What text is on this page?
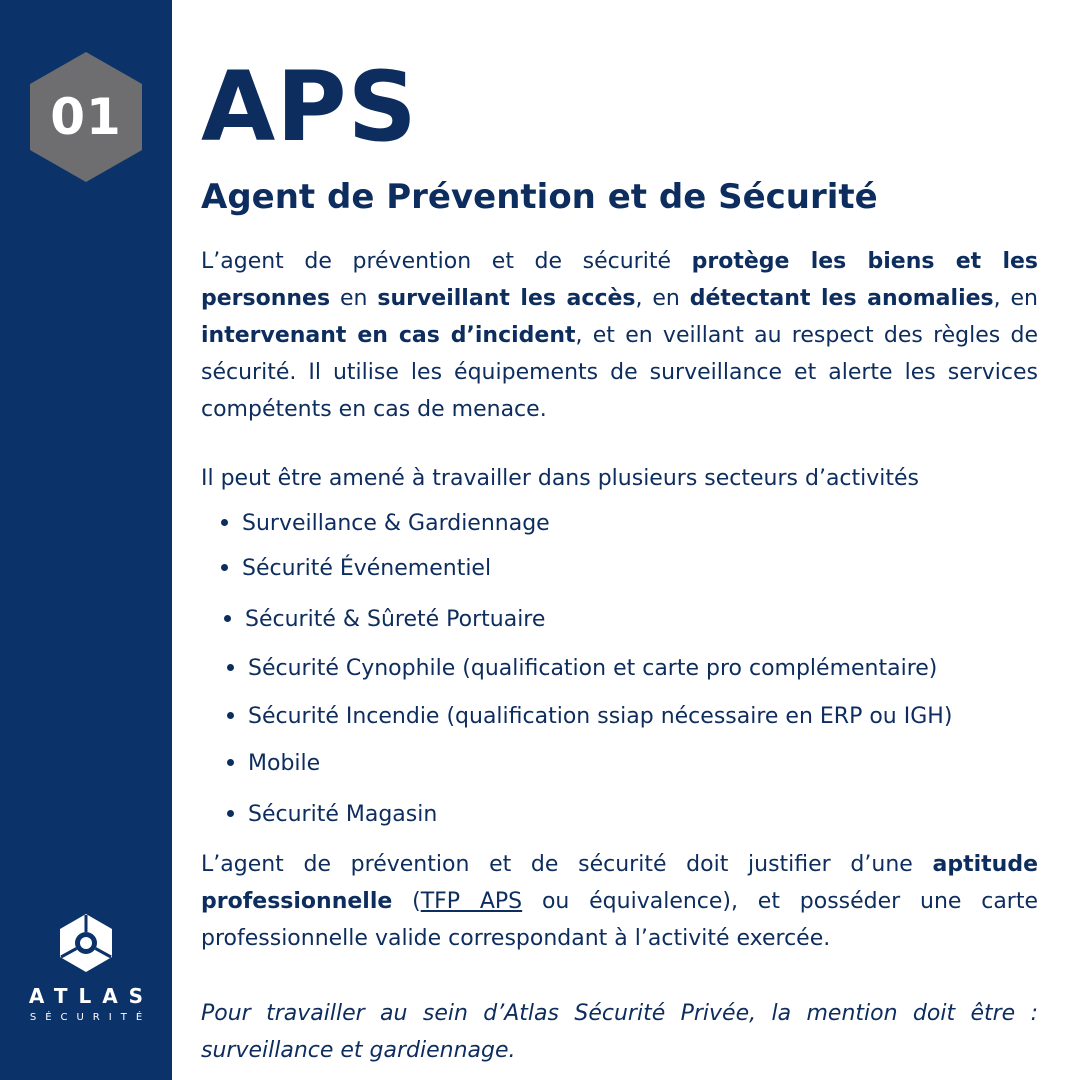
01
ATLAS
SÉCURITÉ
APS
Agent de Prévention et de Sécurité
L’agent de prévention et de sécurité protège les biens et les personnes en surveillant les accès, en détectant les anomalies, en intervenant en cas d’incident, et en veillant au respect des règles de sécurité. Il utilise les équipements de surveillance et alerte les services compétents en cas de menace.
Il peut être amené à travailler dans plusieurs secteurs d’activités
Surveillance & Gardiennage
Sécurité Événementiel
Sécurité & Sûreté Portuaire
Sécurité Cynophile (qualification et carte pro complémentaire)
Sécurité Incendie (qualification ssiap nécessaire en ERP ou IGH)
Mobile
Sécurité Magasin
L’agent de prévention et de sécurité doit justifier d’une aptitude professionnelle (TFP APS ou équivalence), et posséder une carte professionnelle valide correspondant à l’activité exercée.
Pour travailler au sein d’Atlas Sécurité Privée, la mention doit être : surveillance et gardiennage.
